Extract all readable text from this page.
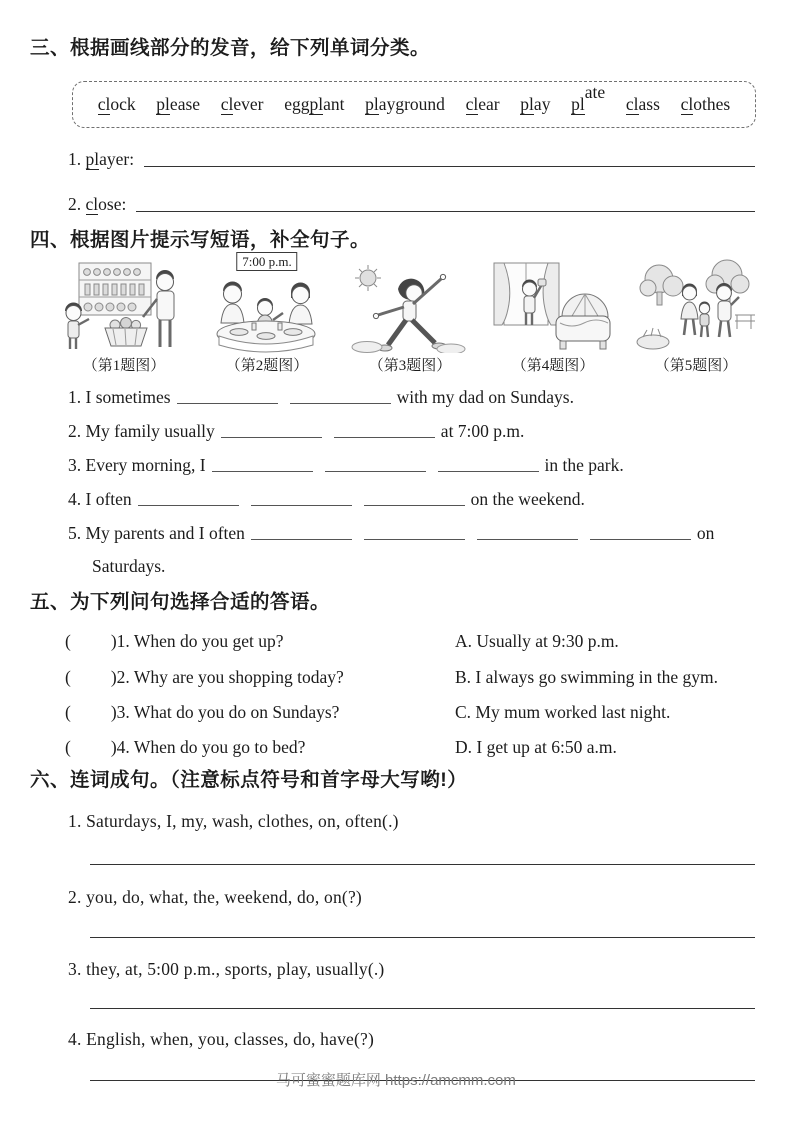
三、根据画线部分的发音，给下列单词分类。
clock please clever eggplant playground clear play plate
class clothes
1. player:
2. close:
四、根据图片提示写短语，补全句子。
（第1题图）
7:00 p.m.
（第2题图）	（第3题图）	（第4题图）	（第5题图）
1. I sometimes	with my dad on Sundays.
2. My family usually	at 7:00 p.m.
3. Every morning, I	in the park.
4. I often	on the weekend.
5. My parents and I often	on
Saturdays.
五、为下列问句选择合适的答语。
( ) 1. When do you get up?	A. Usually at 9:30 p.m.
( ) 2. Why are you shopping today?	B. I always go swimming in the gym.
( ) 3. What do you do on Sundays?	C. My mum worked last night.
( ) 4. When do you go to bed?	D. I get up at 6:50 a.m.
六、连词成句。（注意标点符号和首字母大写哟!）
1. Saturdays, I, my, wash, clothes, on, often(.)
2. you, do, what, the, weekend, do, on(?)
3. they, at, 5:00 p.m., sports, play, usually(.)
4. English, when, you, classes, do, have(?)
马可蜜蜜题库网 https://amcmm.com
